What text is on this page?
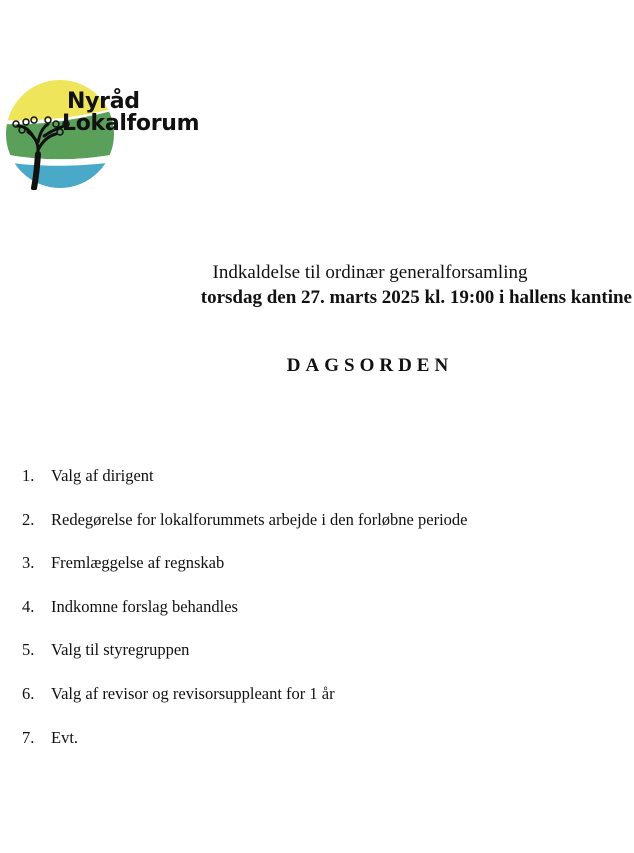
Nyråd
Lokalforum
Indkaldelse til ordinær generalforsamling
torsdag den 27. marts 2025 kl. 19:00 i hallens kantine
DAGSORDEN
1. Valg af dirigent
2. Redegørelse for lokalforummets arbejde i den forløbne periode
3. Fremlæggelse af regnskab
4. Indkomne forslag behandles
5. Valg til styregruppen
6. Valg af revisor og revisorsuppleant for 1 år
7. Evt.
